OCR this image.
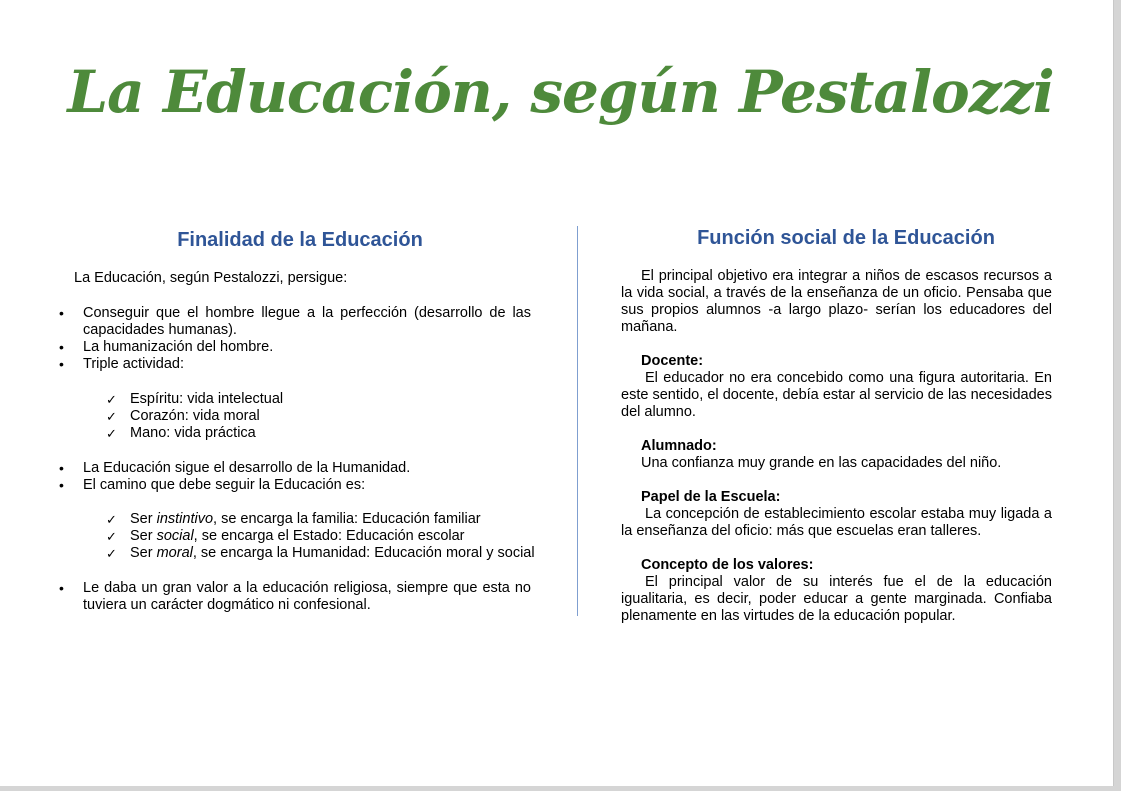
La Educación, según Pestalozzi
Finalidad de la Educación
La Educación, según Pestalozzi, persigue:
• Conseguir que el hombre llegue a la perfección (desarrollo de las capacidades humanas).
• La humanización del hombre.
• Triple actividad:
✓ Espíritu: vida intelectual
✓ Corazón: vida moral
✓ Mano: vida práctica
• La Educación sigue el desarrollo de la Humanidad.
• El camino que debe seguir la Educación es:
✓ Ser instintivo, se encarga la familia: Educación familiar
✓ Ser social, se encarga el Estado: Educación escolar
✓ Ser moral, se encarga la Humanidad: Educación moral y social
• Le daba un gran valor a la educación religiosa, siempre que esta no tuviera un carácter dogmático ni confesional.
Función social de la Educación
El principal objetivo era integrar a niños de escasos recursos a la vida social, a través de la enseñanza de un oficio. Pensaba que sus propios alumnos -a largo plazo- serían los educadores del mañana.
Docente:
El educador no era concebido como una figura autoritaria. En este sentido, el docente, debía estar al servicio de las necesidades del alumno.
Alumnado:
Una confianza muy grande en las capacidades del niño.
Papel de la Escuela:
La concepción de establecimiento escolar estaba muy ligada a la enseñanza del oficio: más que escuelas eran talleres.
Concepto de los valores:
El principal valor de su interés fue el de la educación igualitaria, es decir, poder educar a gente marginada. Confiaba plenamente en las virtudes de la educación popular.
